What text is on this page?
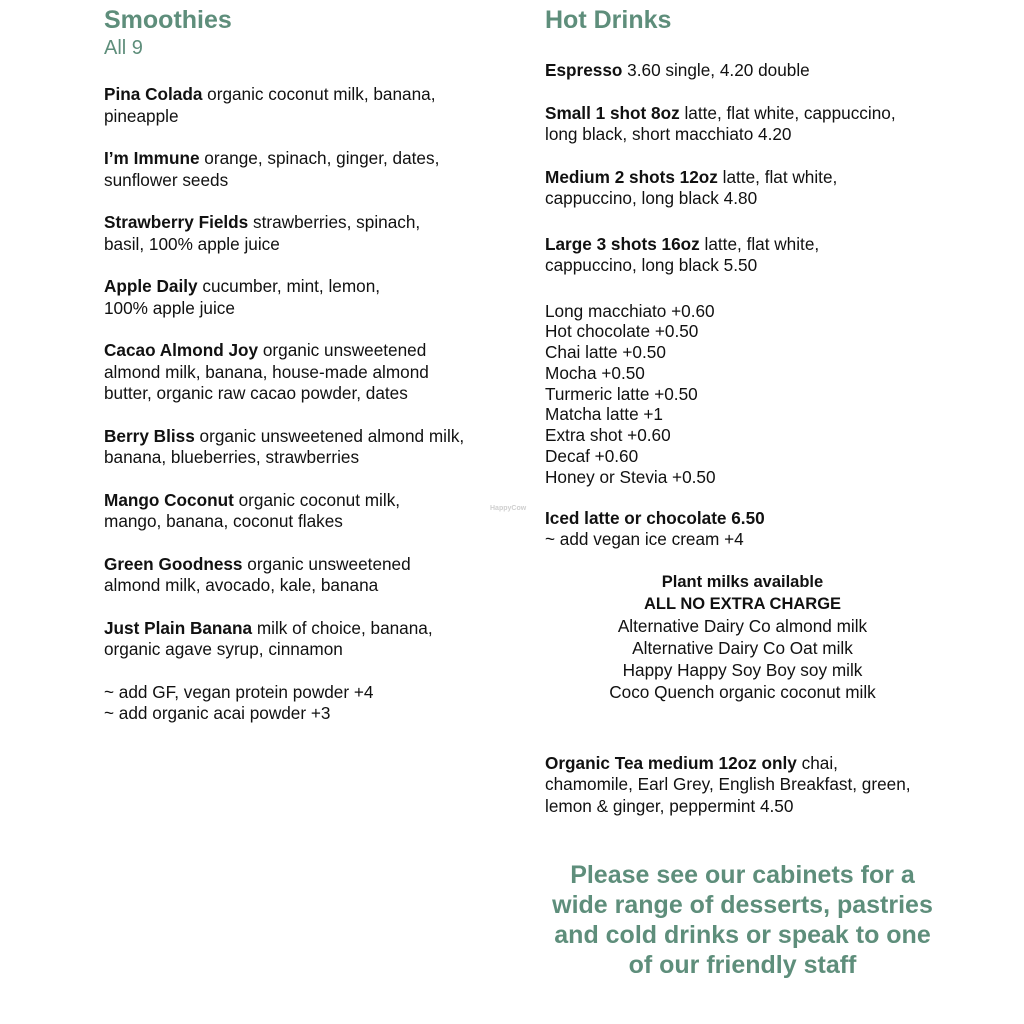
Smoothies

All 9

Pina Colada organic coconut milk, banana,
pineapple
I’m Immune orange, spinach, ginger, dates,
sunflower seeds
Strawberry Fields strawberries, spinach,
basil, 100% apple juice
Apple Daily cucumber, mint, lemon,
100% apple juice
Cacao Almond Joy organic unsweetened
almond milk, banana, house-made almond
butter, organic raw cacao powder, dates
Berry Bliss organic unsweetened almond milk,
banana, blueberries, strawberries
Mango Coconut organic coconut milk,
mango, banana, coconut flakes
Green Goodness organic unsweetened
almond milk, avocado, kale, banana
Just Plain Banana milk of choice, banana,
organic agave syrup, cinnamon
~ add GF, vegan protein powder +4
~ add organic acai powder +3
Hot Drinks
Espresso 3.60 single, 4.20 double
Small 1 shot 8oz latte, flat white, cappuccino,
long black, short macchiato 4.20
Medium 2 shots 12oz latte, flat white,
cappuccino, long black 4.80
Large 3 shots 16oz latte, flat white,
cappuccino, long black 5.50

Long macchiato +0.60

Hot chocolate +0.50

Chai latte +0.50

Mocha +0.50

Turmeric latte +0.50

Matcha latte +1

Extra shot +0.60

Decaf +0.60

Honey or Stevia +0.50

Iced latte or chocolate 6.50
~ add vegan ice cream +4
Plant milks available
ALL NO EXTRA CHARGE
Alternative Dairy Co almond milk
Alternative Dairy Co Oat milk
Happy Happy Soy Boy soy milk
Coco Quench organic coconut milk
Organic Tea medium 12oz only chai,
chamomile, Earl Grey, English Breakfast, green,
lemon & ginger, peppermint 4.50
HappyCow
Please see our cabinets for a wide range of desserts, pastries and cold drinks or speak to one of our friendly staff
